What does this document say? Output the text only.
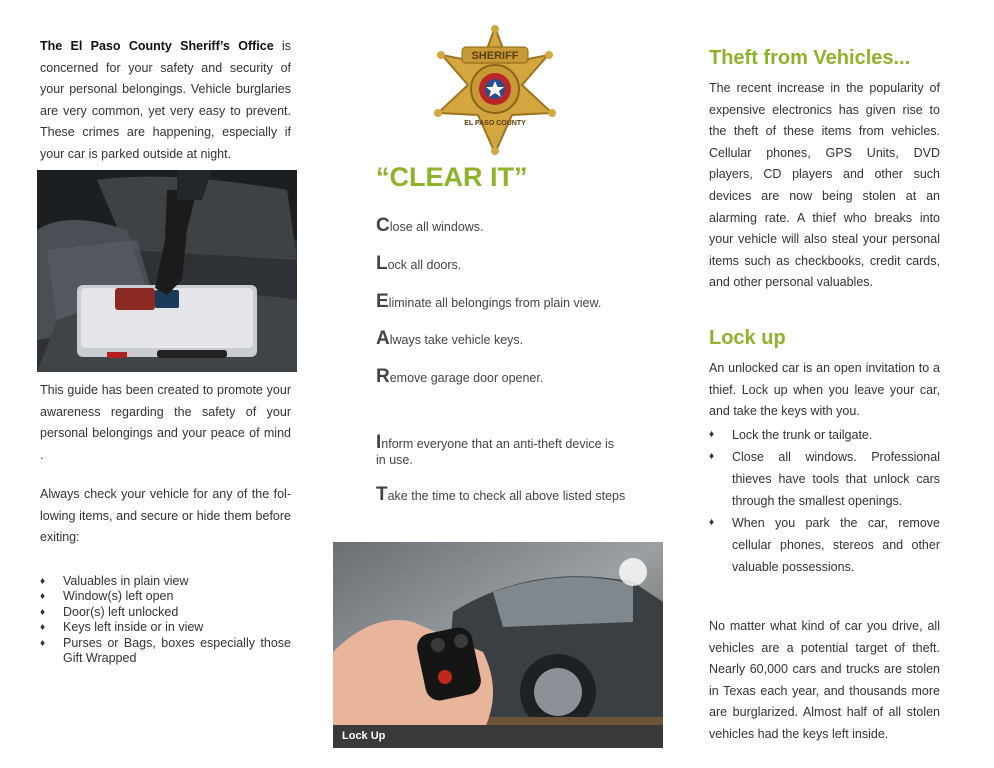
The El Paso County Sheriff’s Office is concerned for your safety and security of your personal belongings. Vehicle burglaries are very common, yet very easy to prevent. These crimes are happening, especially if your car is parked outside at night.

This guide has been created to promote your awareness regarding the safety of your personal belongings and your peace of mind .

Always check your vehicle for any of the fol-lowing items, and secure or hide them before exiting:

♦ Valuables in plain view
♦ Window(s) left open
♦ Door(s) left unlocked
♦ Keys left inside or in view
♦ Purses or Bags, boxes especially those Gift Wrapped
SHERIFF
EL PASO COUNTY
“CLEAR IT”
Close all windows.
Lock all doors.
Eliminate all belongings from plain view.
Always take vehicle keys.
Remove garage door opener.
Inform everyone that an anti-theft device is in use.
Take the time to check all above listed steps
Lock Up
Theft from Vehicles...

The recent increase in the popularity of expensive electronics has given rise to the theft of these items from vehicles. Cellular phones, GPS Units, DVD players, CD players and other such devices are now being stolen at an alarming rate. A thief who breaks into your vehicle will also steal your personal items such as checkbooks, credit cards, and other personal valuables.

Lock up

An unlocked car is an open invitation to a thief. Lock up when you leave your car, and take the keys with you.

♦ Lock the trunk or tailgate.
♦ Close all windows. Professional thieves have tools that unlock cars through the smallest openings.
♦ When you park the car, remove cellular phones, stereos and other valuable possessions.

No matter what kind of car you drive, all vehicles are a potential target of theft. Nearly 60,000 cars and trucks are stolen in Texas each year, and thousands more are burglarized. Almost half of all stolen vehicles had the keys left inside.
